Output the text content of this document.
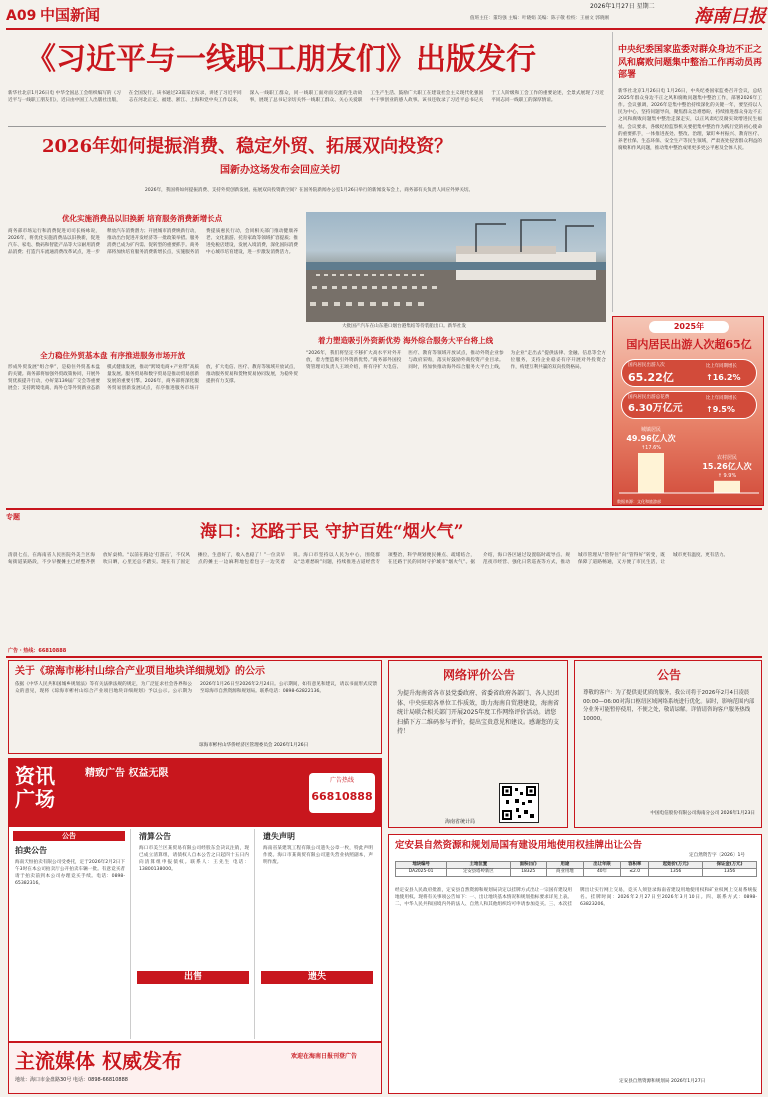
A09 中国新闻	2026年1月27日 星期二
值班主任：董均强 主编：叶晓娟 美编：陈子敬 检校：王丽文 郭晓刚	海南日报
《习近平与一线职工朋友们》出版发行
新华社北京1月26日电 中华全国总工会组织编写的《习近平与一线职工朋友们》，近日由中国工人出版社出版，在全国发行。该书通过23篇采访实录，讲述了习近平同志在河北正定、福建、浙江、上海和党中央工作以来，深入一线职工群众，同一线职工面对面交流的生动故事，展现了总书记亲切关怀一线职工群众、关心关爱职工生产生活、鼓励广大职工在建设社会主义现代化强国中干事创业的感人故事。该书还收录了习近平总书记关于工人阶级和工会工作的重要论述，全景式展现了习近平同志同一线职工的深厚情谊。
中央纪委国家监委对群众身边不正之风和腐败问题集中整治工作再动员再部署
新华社北京1月26日电 1月26日，中央纪委国家监委召开会议，总结2025年群众身边不正之风和腐败问题集中整治工作，部署2026年工作。会议强调，2026年是集中整治持续深化的关键一年，要坚持以人民为中心，坚持问题导向，聚焦群众急难愁盼，持续推进群众身边不正之风和腐败问题集中整治走深走实，以正风肃纪反腐实效增进民生福祉。会议要求，各级纪检监察机关要把集中整治作为践行党的初心使命的重要抓手，一体推进查处、整改、治理，紧盯乡村振兴、教育医疗、养老社保、生态环保、安全生产等民生领域，严肃查处侵害群众利益的腐败和作风问题，推动集中整治成果更多更公平惠及全体人民。
2026年如何提振消费、稳定外贸、拓展双向投资？
国新办这场发布会回应关切
2026年，我国将如何提振消费、支持外贸创新发展、拓展双向投资新空间？在国务院新闻办公室1月26日举行的新闻发布会上，商务部有关负责人回应外界关切。
优化实施消费品以旧换新 培育服务消费新增长点
商务部市场运行和消费促进司司长杨咏说，2026年，将优化实施消费品以旧换新，促进汽车、家电、数码和智能产品等大宗耐用消费品消费；打造汽车流通消费改革试点，进一步释放汽车消费潜力；开展城市消费焕新行动，推动出台促进开发经济等一批政策举措。服务消费已成为扩内需、促转型的重要抓手。商务部将加快培育服务消费新增长点，实施服务消费提质惠民行动，会同相关部门推动健康养老、文化旅游、托育家政等领域扩容提质；推进免税店建设，发展入境消费，深化国际消费中心城市培育建设，进一步激发消费活力。
大批国产汽车在山东港口烟台港集结等待装船出口。新华社发
着力塑造吸引外资新优势 海外综合服务大平台将上线
“2026年，我们将坚定不移扩大高水平对外开放，着力塑造吸引外资新优势。”商务部外国投资管理司负责人王颂介绍，将有序扩大电信、医疗、教育等领域开放试点，推动外资企业参与政府采购，落实好鼓励外商投资产业目录。同时，将加快推动海外综合服务大平台上线，为企业“走出去”提供法律、金融、信息等全方位服务，支持企业稳妥有序开展对外投资合作，构建互利共赢的双向投资格局。
全力稳住外贸基本盘 有序推进服务市场开放
形成外贸发展“组合拳”，是稳住外贸基本盘的关键。商务部将加强外贸政策协同，开展外贸优质提升行动，办好第139届广交会等重要展会；支持跨境电商、海外仓等外贸新业态新模式健康发展，推动“跨境电商+产业带”高质量发展。服务贸易和数字贸易是推动贸易创新发展的重要引擎。2026年，商务部将深化服务贸易创新发展试点，有序推进服务市场开放，扩大电信、医疗、教育等领域开放试点，推动服务贸易和货物贸易协同发展，为稳外贸提供有力支撑。
2025年
国内居民出游人次超65亿
国内居民出游人次
65.22亿
比上年同期增长
↑16.2%
国内居民出游总花费
6.30万亿元
比上年同期增长
↑9.5%
城镇居民
49.96亿人次
↑17.6%
农村居民
15.26亿人次
↑ 9.9%
数据来源：文化和旅游部
专题
海口：还路于民 守护百姓“烟火气”
清晨七点，在海南省人民医院外美兰区海甸街道某路段，不少早餐摊主已经整齐摆放好桌椅。“以前在路边‘打游击’，不仅风吹日晒，心里还总不踏实。现在有了固定摊位，生意好了，收入也稳了！”一位卖早点的摊主一边麻利地包着包子一边笑着说。海口市坚持以人民为中心，围绕群众“急难愁盼”问题，持续推进占道经营专项整治，科学规划便民摊点、疏堵结合，在还路于民的同时守护城市“烟火气”。据介绍，海口各区通过设置临时疏导点、规范夜市经营、强化日常巡查等方式，推动城市管理从“管得住”向“管得好”转变，既保障了道路畅通，又方便了市民生活，让城市更有温度、更有活力。
广告 · 热线：66810888
关于《琼海市彬村山综合产业项目地块详细规划》的公示
依据《中华人民共和国城乡规划法》等有关法律法规的规定，为广泛征求社会各界和公众的意见，现将《琼海市彬村山综合产业项目地块详细规划》予以公示。公示期为2026年1月26日至2026年2月24日。公示期间，如有意见和建议，请以书面形式反馈至琼海市自然资源和规划局。联系电话：0898-62822136。
琼海市彬村山华侨经济区管理委员会 2026年1月26日
网络评价公告
为提升海南省各市县党委政府、省委省政府各部门、各人民团体、中央驻琼各单位工作质效，助力海南自贸港建设，海南省统计局联合相关部门开展2025年度工作网络评价活动。请您扫描下方二维码参与评价，提出宝贵意见和建议。感谢您的支持！
海南省统计局
公告
尊敬的客户：为了提供更优质的服务，我公司将于2026年2月4日凌晨00:00—06:00对海口枢纽区域网络系统进行优化。届时，影响范围内部分业务可能暂停使用，不便之处，敬请谅解。详情请咨询客户服务热线10000。
中国电信股份有限公司海南分公司 2026年1月23日
资讯广场
精致广告 权益无限
广告热线
66810888
公告
拍卖公告
海南天恒拍卖有限公司受委托，定于2026年2月2日下午3时在本公司拍卖厅公开拍卖车辆一批。有意竞买者请于拍卖前到本公司办理竞买手续。电话：0898-65382316。
清算公告
海口市美兰区某贸易有限公司经股东会决议注销，现已成立清算组，请债权人自本公告之日起四十五日内向清算组申报债权。联系人：王先生 电话：13800138000。
出售
遗失声明
海南省某建筑工程有限公司遗失公章一枚，特此声明作废。海口市某商贸有限公司遗失营业执照副本，声明作废。
遗失
主流媒体 权威发布
地址：海口市金盘路30号 电话：0898-66810888
欢迎在海南日报刊登广告
定安县自然资源和规划局国有建设用地使用权挂牌出让公告
定自然资告字〔2026〕1号
地块编号	土地位置	面积(㎡)	用途	出让年限	容积率	起始价(万元)	保证金(万元)
DA2025-01	定安县塔岭新区	18325	商业用地	40年	≤2.0	1356	1356
经定安县人民政府批准，定安县自然资源和规划局决定以挂牌方式出让一宗国有建设用地使用权。现将有关事项公告如下：一、出让地块基本情况和规划指标要求详见上表。二、中华人民共和国境内外的法人、自然人和其他组织均可申请参加竞买。三、本次挂牌出让实行网上交易，竞买人须登录海南省建设用地使用权和矿业权网上交易系统报名。挂牌时间：2026年2月27日至2026年3月10日。四、联系方式：0898-63823206。
定安县自然资源和规划局 2026年1月27日
